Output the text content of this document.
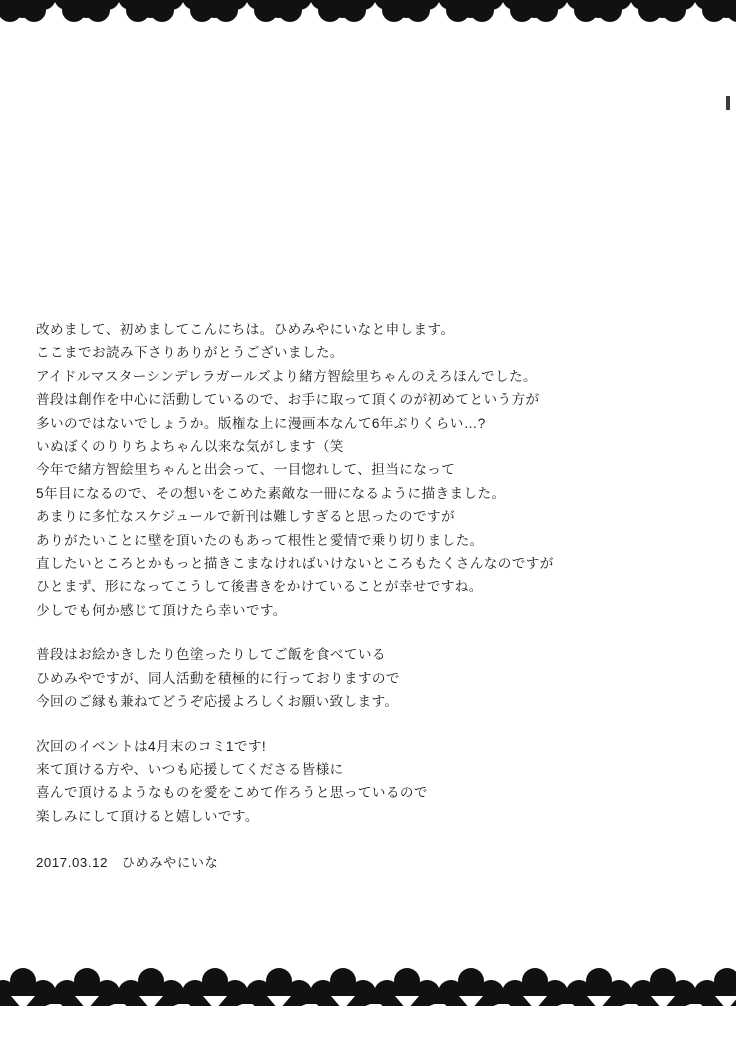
改めまして、初めましてこんにちは。ひめみやにいなと申します。
ここまでお読み下さりありがとうございました。
アイドルマスターシンデレラガールズより緒方智絵里ちゃんのえろほんでした。
普段は創作を中心に活動しているので、お手に取って頂くのが初めてという方が
多いのではないでしょうか。版権な上に漫画本なんて6年ぶりくらい…?
いぬぼくのりりちよちゃん以来な気がします（笑
今年で緒方智絵里ちゃんと出会って、一目惚れして、担当になって
5年目になるので、その想いをこめた素敵な一冊になるように描きました。
あまりに多忙なスケジュールで新刊は難しすぎると思ったのですが
ありがたいことに壁を頂いたのもあって根性と愛情で乗り切りました。
直したいところとかもっと描きこまなければいけないところもたくさんなのですが
ひとまず、形になってこうして後書きをかけていることが幸せですね。
少しでも何か感じて頂けたら幸いです。
普段はお絵かきしたり色塗ったりしてご飯を食べている
ひめみやですが、同人活動を積極的に行っておりますので
今回のご縁も兼ねてどうぞ応援よろしくお願い致します。
次回のイベントは4月末のコミ1です!
来て頂ける方や、いつも応援してくださる皆様に
喜んで頂けるようなものを愛をこめて作ろうと思っているので
楽しみにして頂けると嬉しいです。
2017.03.12　ひめみやにいな
